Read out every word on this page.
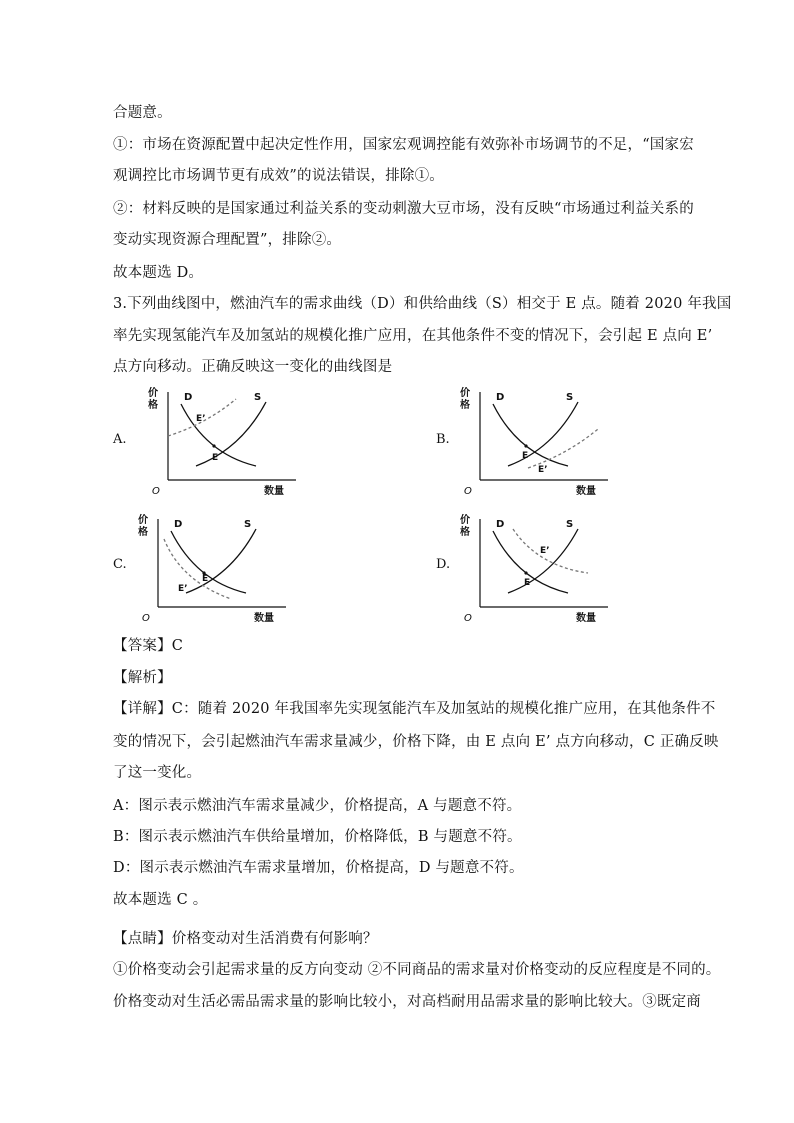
合题意。
①：市场在资源配置中起决定性作用，国家宏观调控能有效弥补市场调节的不足，“国家宏
观调控比市场调节更有成效”的说法错误，排除①。
②：材料反映的是国家通过利益关系的变动刺激大豆市场，没有反映“市场通过利益关系的
变动实现资源合理配置”，排除②。
故本题选 D。
3.下列曲线图中，燃油汽车的需求曲线（D）和供给曲线（S）相交于 E 点。随着 2020 年我国
率先实现氢能汽车及加氢站的规模化推广应用，在其他条件不变的情况下，会引起 E 点向 E’
点方向移动。正确反映这一变化的曲线图是
A.	B.
C.	D.
价
格
数量
O
D	S
E
E’
价
格
数量
O
D	S
E
E’
价
格
数量
O
D	S
E
E’
价
格
数量
O
D	S
E
E’
【答案】C
【解析】
【详解】C：随着 2020 年我国率先实现氢能汽车及加氢站的规模化推广应用，在其他条件不
变的情况下，会引起燃油汽车需求量减少，价格下降，由 E 点向 E’ 点方向移动，C 正确反映
了这一变化。
A：图示表示燃油汽车需求量减少，价格提高，A 与题意不符。
B：图示表示燃油汽车供给量增加，价格降低，B 与题意不符。
D：图示表示燃油汽车需求量增加，价格提高，D 与题意不符。
故本题选 C 。
【点睛】价格变动对生活消费有何影响？
①价格变动会引起需求量的反方向变动 ②不同商品的需求量对价格变动的反应程度是不同的。
价格变动对生活必需品需求量的影响比较小，对高档耐用品需求量的影响比较大。③既定商
